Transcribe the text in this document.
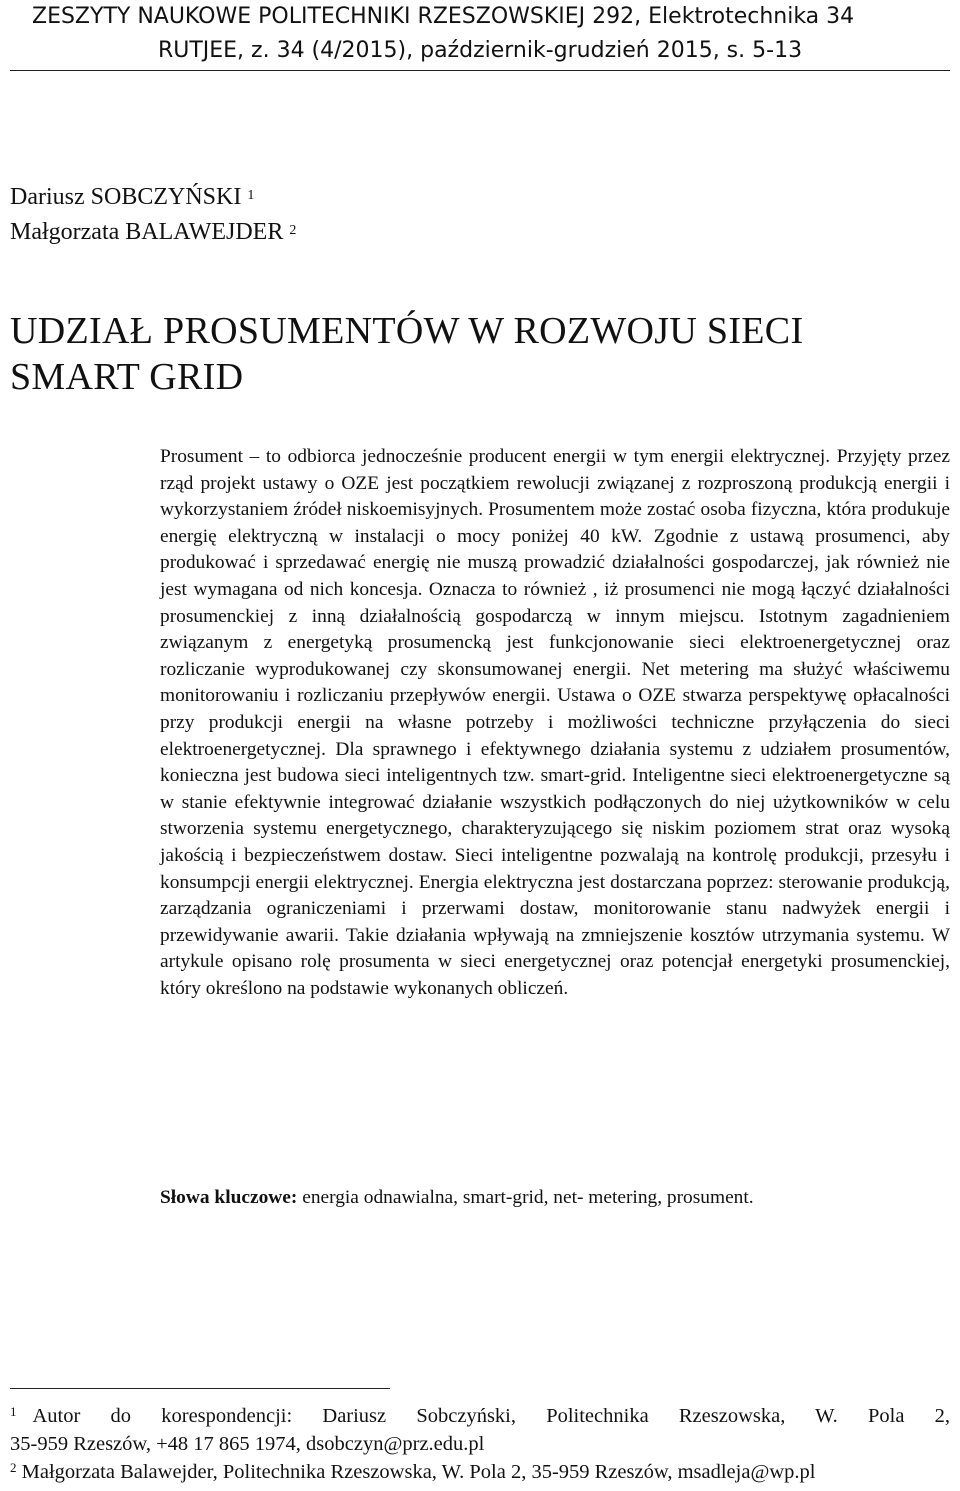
ZESZYTY NAUKOWE POLITECHNIKI RZESZOWSKIEJ 292, Elektrotechnika 34
RUTJEE, z. 34 (4/2015), październik-grudzień 2015, s. 5-13
Dariusz SOBCZYŃSKI $^1$
Małgorzata BALAWEJDER $^2$
UDZIAŁ PROSUMENTÓW W ROZWOJU SIECI
SMART GRID
Prosument – to odbiorca jednocześnie producent energii w tym energii elektrycznej. Przyjęty przez rząd projekt ustawy o OZE jest początkiem rewolucji związanej z rozproszoną produkcją energii i wykorzystaniem źródeł niskoemisyjnych. Prosumentem może zostać osoba fizyczna, która produkuje energię elektryczną w instalacji o mocy poniżej 40 kW. Zgodnie z ustawą prosumenci, aby produkować i sprzedawać energię nie muszą prowadzić działalności gospodarczej, jak również nie jest wymagana od nich koncesja. Oznacza to również , iż prosumenci nie mogą łączyć działalności prosumenckiej z inną działalnością gospodarczą w innym miejscu. Istotnym zagadnieniem związanym z energetyką prosumencką jest funkcjonowanie sieci elektroenergetycznej oraz rozliczanie wyprodukowanej czy skonsumowanej energii. Net metering ma służyć właściwemu monitorowaniu i rozliczaniu przepływów energii. Ustawa o OZE stwarza perspektywę opłacalności przy produkcji energii na własne potrzeby i możliwości techniczne przyłączenia do sieci elektroenergetycznej. Dla sprawnego i efektywnego działania systemu z udziałem prosumentów, konieczna jest budowa sieci inteligentnych tzw. smart-grid. Inteligentne sieci elektroenergetyczne są w stanie efektywnie integrować działanie wszystkich podłączonych do niej użytkowników w celu stworzenia systemu energetycznego, charakteryzującego się niskim poziomem strat oraz wysoką jakością i bezpieczeństwem dostaw. Sieci inteligentne pozwalają na kontrolę produkcji, przesyłu i konsumpcji energii elektrycznej. Energia elektryczna jest dostarczana poprzez: sterowanie produkcją, zarządzania ograniczeniami i przerwami dostaw, monitorowanie stanu nadwyżek energii i przewidywanie awarii. Takie działania wpływają na zmniejszenie kosztów utrzymania systemu. W artykule opisano rolę prosumenta w sieci energetycznej oraz potencjał energetyki prosumenckiej, który określono na podstawie wykonanych obliczeń.
Słowa kluczowe: energia odnawialna, smart-grid, net- metering, prosument.
$^1$ Autor do korespondencji: Dariusz Sobczyński, Politechnika Rzeszowska, W. Pola 2,
35-959 Rzeszów, +48 17 865 1974, dsobczyn@prz.edu.pl
$^2$ Małgorzata Balawejder, Politechnika Rzeszowska, W. Pola 2, 35-959 Rzeszów, msadleja@wp.pl
